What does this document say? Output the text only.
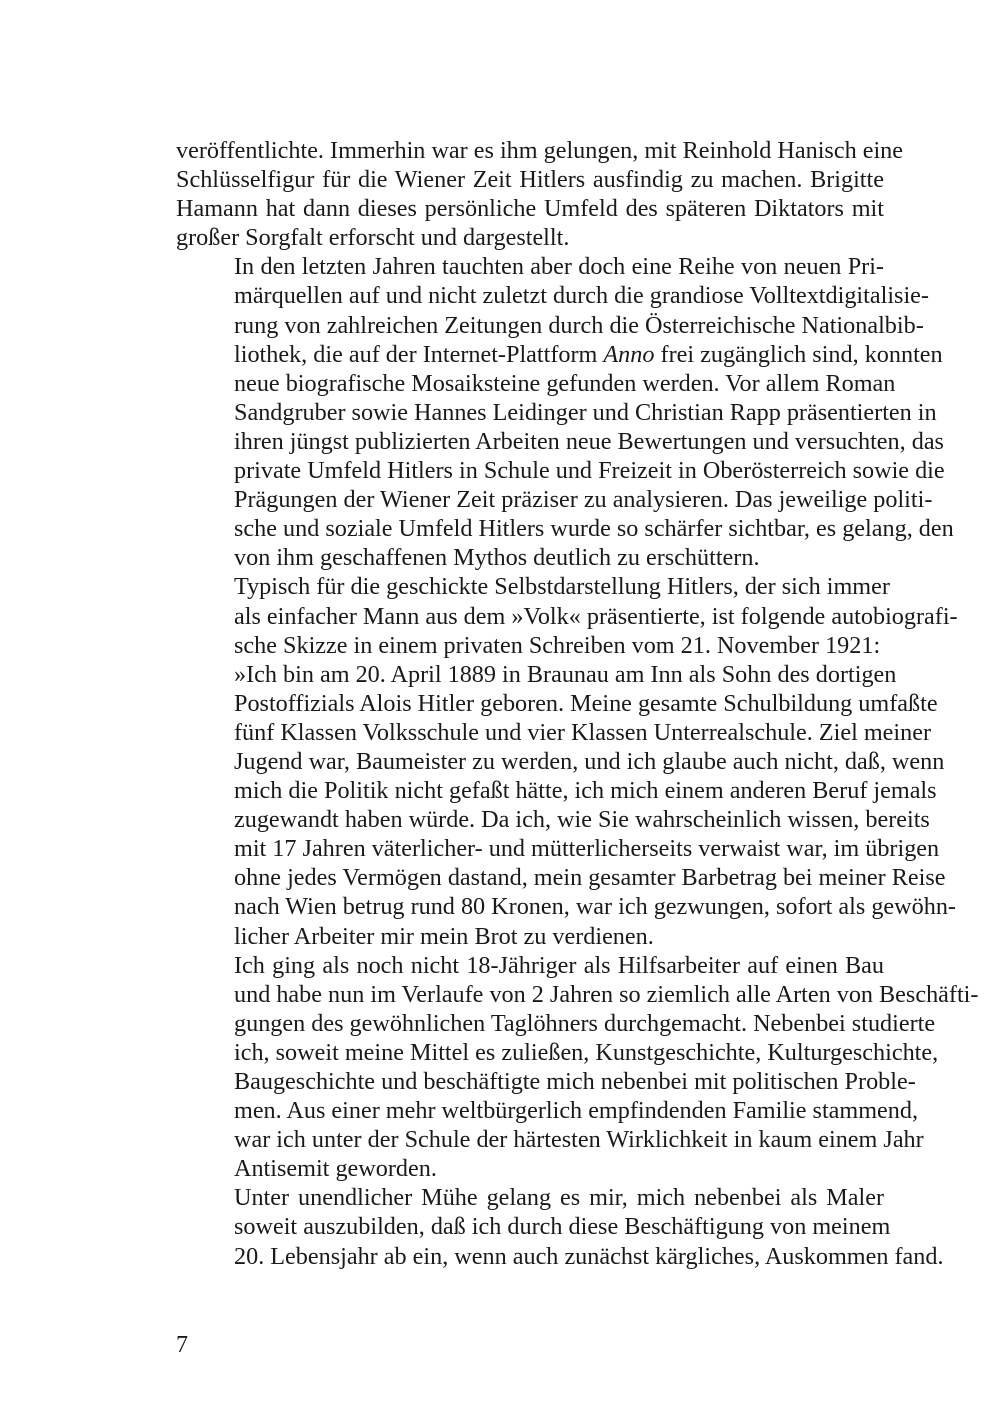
veröffentlichte. Immerhin war es ihm gelungen, mit Reinhold Hanisch eine
Schlüsselfigur für die Wiener Zeit Hitlers ausfindig zu machen. Brigitte
Hamann hat dann dieses persönliche Umfeld des späteren Diktators mit
großer Sorgfalt erforscht und dargestellt.

In den letzten Jahren tauchten aber doch eine Reihe von neuen Pri-
märquellen auf und nicht zuletzt durch die grandiose Volltextdigitalisie-
rung von zahlreichen Zeitungen durch die Österreichische Nationalbib-
liothek, die auf der Internet-Plattform Anno frei zugänglich sind, konnten
neue biografische Mosaiksteine gefunden werden. Vor allem Roman
Sandgruber sowie Hannes Leidinger und Christian Rapp präsentierten in
ihren jüngst publizierten Arbeiten neue Bewertungen und versuchten, das
private Umfeld Hitlers in Schule und Freizeit in Oberösterreich sowie die
Prägungen der Wiener Zeit präziser zu analysieren. Das jeweilige politi-
sche und soziale Umfeld Hitlers wurde so schärfer sichtbar, es gelang, den
von ihm geschaffenen Mythos deutlich zu erschüttern.

Typisch für die geschickte Selbstdarstellung Hitlers, der sich immer
als einfacher Mann aus dem »Volk« präsentierte, ist folgende autobiografi-
sche Skizze in einem privaten Schreiben vom 21. November 1921:

»Ich bin am 20. April 1889 in Braunau am Inn als Sohn des dortigen
Postoffizials Alois Hitler geboren. Meine gesamte Schulbildung umfaßte
fünf Klassen Volksschule und vier Klassen Unterrealschule. Ziel meiner
Jugend war, Baumeister zu werden, und ich glaube auch nicht, daß, wenn
mich die Politik nicht gefaßt hätte, ich mich einem anderen Beruf jemals
zugewandt haben würde. Da ich, wie Sie wahrscheinlich wissen, bereits
mit 17 Jahren väterlicher- und mütterlicherseits verwaist war, im übrigen
ohne jedes Vermögen dastand, mein gesamter Barbetrag bei meiner Reise
nach Wien betrug rund 80 Kronen, war ich gezwungen, sofort als gewöhn-
licher Arbeiter mir mein Brot zu verdienen.

Ich ging als noch nicht 18-Jähriger als Hilfsarbeiter auf einen Bau
und habe nun im Verlaufe von 2 Jahren so ziemlich alle Arten von Beschäfti-
gungen des gewöhnlichen Taglöhners durchgemacht. Nebenbei studierte
ich, soweit meine Mittel es zuließen, Kunstgeschichte, Kulturgeschichte,
Baugeschichte und beschäftigte mich nebenbei mit politischen Proble-
men. Aus einer mehr weltbürgerlich empfindenden Familie stammend,
war ich unter der Schule der härtesten Wirklichkeit in kaum einem Jahr
Antisemit geworden.

Unter unendlicher Mühe gelang es mir, mich nebenbei als Maler
soweit auszubilden, daß ich durch diese Beschäftigung von meinem
20. Lebensjahr ab ein, wenn auch zunächst kärgliches, Auskommen fand.

7
